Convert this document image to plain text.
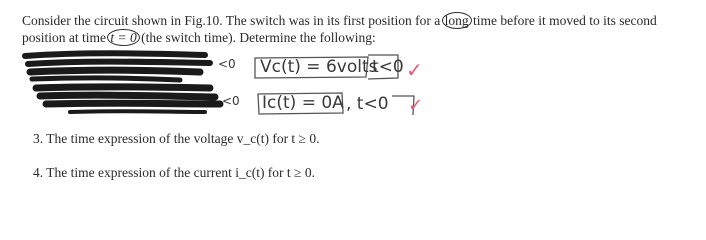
Consider the circuit shown in Fig.10. The switch was in its first position for a long time before it moved to its second position at time t = 0 (the switch time). Determine the following:
<0 Vc(t) = 6volts
t<0 ✓
<0 Ic(t) = 0A , t<0 ✓
3. The time expression of the voltage v_c(t) for t ≥ 0.
4. The time expression of the current i_c(t) for t ≥ 0.
